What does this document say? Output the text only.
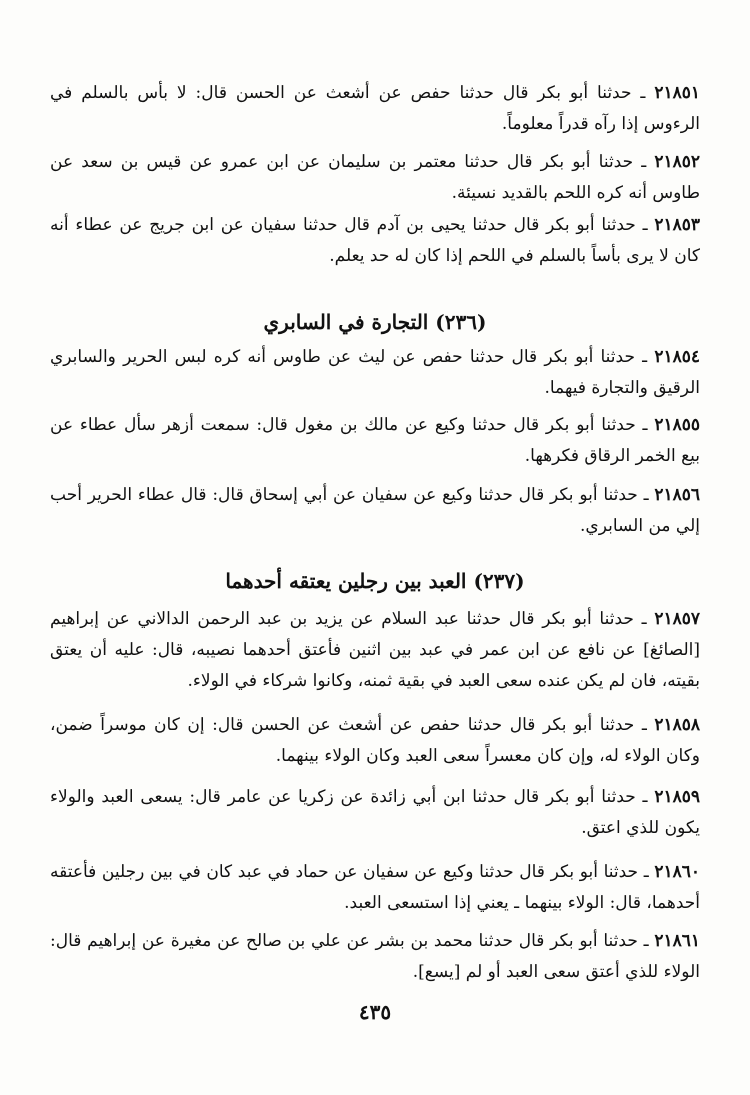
٢١٨٥١ ـ حدثنا أبو بكر قال حدثنا حفص عن أشعث عن الحسن قال: لا بأس بالسلم في الرءوس إذا رآه قدراً معلوماً.
٢١٨٥٢ ـ حدثنا أبو بكر قال حدثنا معتمر بن سليمان عن ابن عمرو عن قيس بن سعد عن طاوس أنه كره اللحم بالقديد نسيئة.
٢١٨٥٣ ـ حدثنا أبو بكر قال حدثنا يحيى بن آدم قال حدثنا سفيان عن ابن جريج عن عطاء أنه كان لا يرى بأساً بالسلم في اللحم إذا كان له حد يعلم.
(٢٣٦) التجارة في السابري
٢١٨٥٤ ـ حدثنا أبو بكر قال حدثنا حفص عن ليث عن طاوس أنه كره لبس الحرير والسابري الرقيق والتجارة فيهما.
٢١٨٥٥ ـ حدثنا أبو بكر قال حدثنا وكيع عن مالك بن مغول قال: سمعت أزهر سأل عطاء عن بيع الخمر الرقاق فكرهها.
٢١٨٥٦ ـ حدثنا أبو بكر قال حدثنا وكيع عن سفيان عن أبي إسحاق قال: قال عطاء الحرير أحب إلي من السابري.
(٢٣٧) العبد بين رجلين يعتقه أحدهما
٢١٨٥٧ ـ حدثنا أبو بكر قال حدثنا عبد السلام عن يزيد بن عبد الرحمن الدالاني عن إبراهيم [الصائغ] عن نافع عن ابن عمر في عبد بين اثنين فأعتق أحدهما نصيبه، قال: عليه أن يعتق بقيته، فان لم يكن عنده سعى العبد في بقية ثمنه، وكانوا شركاء في الولاء.
٢١٨٥٨ ـ حدثنا أبو بكر قال حدثنا حفص عن أشعث عن الحسن قال: إن كان موسراً ضمن، وكان الولاء له، وإن كان معسراً سعى العبد وكان الولاء بينهما.
٢١٨٥٩ ـ حدثنا أبو بكر قال حدثنا ابن أبي زائدة عن زكريا عن عامر قال: يسعى العبد والولاء يكون للذي اعتق.
٢١٨٦٠ ـ حدثنا أبو بكر قال حدثنا وكيع عن سفيان عن حماد في عبد كان في بين رجلين فأعتقه أحدهما، قال: الولاء بينهما ـ يعني إذا استسعى العبد.
٢١٨٦١ ـ حدثنا أبو بكر قال حدثنا محمد بن بشر عن علي بن صالح عن مغيرة عن إبراهيم قال: الولاء للذي أعتق سعى العبد أو لم [يسع].
٤٣٥
